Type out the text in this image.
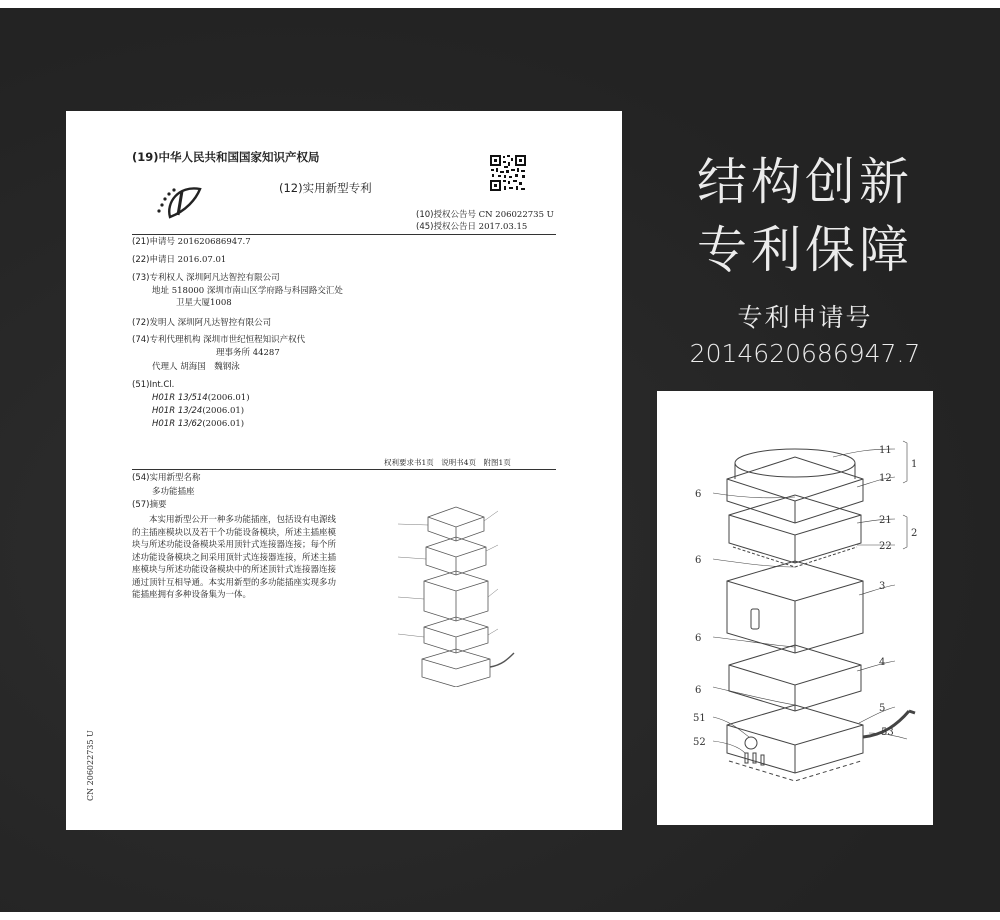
(19)中华人民共和国国家知识产权局
(12)实用新型专利
(10)授权公告号 CN 206022735 U
(45)授权公告日 2017.03.15
(21)申请号 201620686947.7
(22)申请日 2016.07.01
(73)专利权人 深圳阿凡达智控有限公司
地址 518000 深圳市南山区学府路与科园路交汇处
卫星大厦1008
(72)发明人 深圳阿凡达智控有限公司
(74)专利代理机构 深圳市世纪恒程知识产权代
理事务所 44287
代理人 胡海国　魏钢泳
(51)Int.Cl.
H01R 13/514(2006.01)
H01R 13/24(2006.01)
H01R 13/62(2006.01)
权利要求书1页　说明书4页　附图1页
(54)实用新型名称
多功能插座
(57)摘要
本实用新型公开一种多功能插座，包括设有电源线的主插座模块以及若干个功能设备模块，所述主插座模块与所述功能设备模块采用顶针式连接器连接；每个所述功能设备模块之间采用顶针式连接器连接，所述主插座模块与所述功能设备模块中的所述顶针式连接器连接通过顶针互相导通。本实用新型的多功能插座实现多功能插座拥有多种设备集为一体。
CN 206022735 U
结构创新
专利保障
专利申请号
2014620686947.7
11
12
1
6
21
22
2
6
3
6
4
6
5
51
52
53
